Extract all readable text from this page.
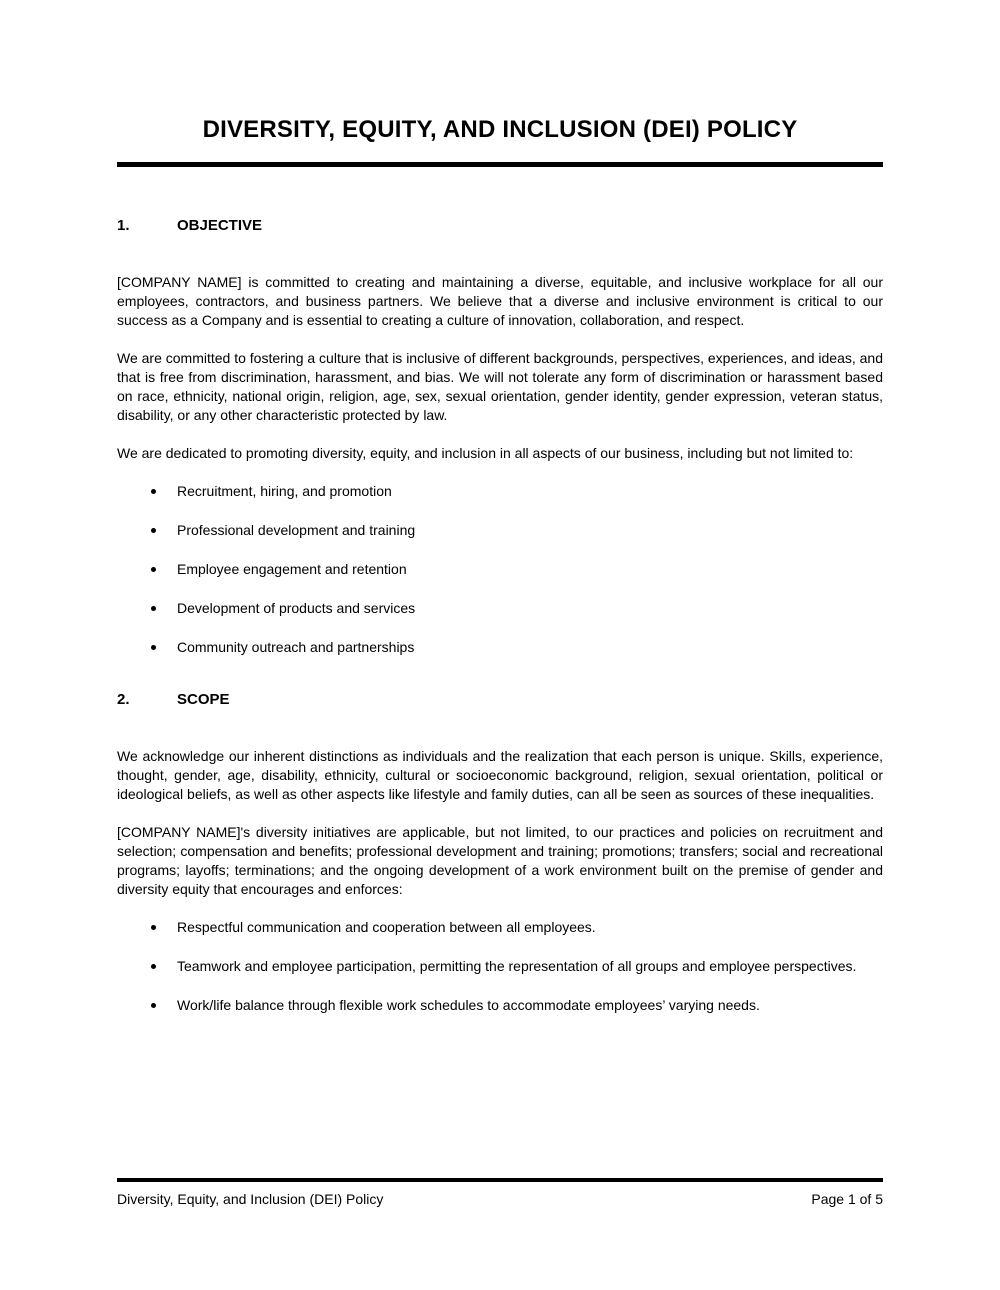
DIVERSITY, EQUITY, AND INCLUSION (DEI) POLICY
1.	OBJECTIVE

[COMPANY NAME] is committed to creating and maintaining a diverse, equitable, and inclusive workplace for all our employees, contractors, and business partners. We believe that a diverse and inclusive environment is critical to our success as a Company and is essential to creating a culture of innovation, collaboration, and respect.

We are committed to fostering a culture that is inclusive of different backgrounds, perspectives, experiences, and ideas, and that is free from discrimination, harassment, and bias. We will not tolerate any form of discrimination or harassment based on race, ethnicity, national origin, religion, age, sex, sexual orientation, gender identity, gender expression, veteran status, disability, or any other characteristic protected by law.

We are dedicated to promoting diversity, equity, and inclusion in all aspects of our business, including but not limited to:

Recruitment, hiring, and promotion
Professional development and training
Employee engagement and retention
Development of products and services
Community outreach and partnerships
2.	SCOPE

We acknowledge our inherent distinctions as individuals and the realization that each person is unique. Skills, experience, thought, gender, age, disability, ethnicity, cultural or socioeconomic background, religion, sexual orientation, political or ideological beliefs, as well as other aspects like lifestyle and family duties, can all be seen as sources of these inequalities.

[COMPANY NAME]'s diversity initiatives are applicable, but not limited, to our practices and policies on recruitment and selection; compensation and benefits; professional development and training; promotions; transfers; social and recreational programs; layoffs; terminations; and the ongoing development of a work environment built on the premise of gender and diversity equity that encourages and enforces:

Respectful communication and cooperation between all employees.
Teamwork and employee participation, permitting the representation of all groups and employee perspectives.
Work/life balance through flexible work schedules to accommodate employees’ varying needs.
Diversity, Equity, and Inclusion (DEI) Policy	Page 1 of 5
